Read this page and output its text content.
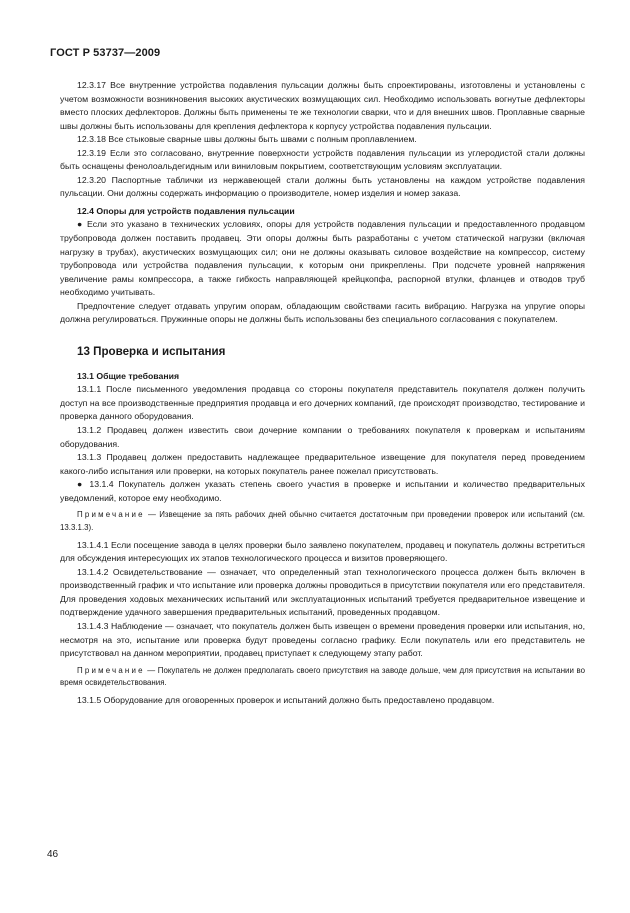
ГОСТ Р 53737—2009

12.3.17 Все внутренние устройства подавления пульсации должны быть спроектированы, изготовлены и установлены с учетом возможности возникновения высоких акустических возмущающих сил. Необходимо использовать вогнутые дефлекторы вместо плоских дефлекторов. Должны быть применены те же технологии сварки, что и для внешних швов. Проплавные сварные швы должны быть использованы для крепления дефлектора к корпусу устройства подавления пульсации.

12.3.18 Все стыковые сварные швы должны быть швами с полным проплавлением.

12.3.19 Если это согласовано, внутренние поверхности устройств подавления пульсации из углеродистой стали должны быть оснащены фенолоальдегидным или виниловым покрытием, соответствующим условиям эксплуатации.

12.3.20 Паспортные таблички из нержавеющей стали должны быть установлены на каждом устройстве подавления пульсации. Они должны содержать информацию о производителе, номер изделия и номер заказа.

12.4 Опоры для устройств подавления пульсации

● Если это указано в технических условиях, опоры для устройств подавления пульсации и предоставленного продавцом трубопровода должен поставить продавец. Эти опоры должны быть разработаны с учетом статической нагрузки (включая нагрузку в трубах), акустических возмущающих сил; они не должны оказывать силовое воздействие на компрессор, систему трубопровода или устройства подавления пульсации, к которым они прикреплены. При подсчете уровней напряжения увеличение рамы компрессора, а также гибкость направляющей крейцкопфа, распорной втулки, фланцев и отводов труб необходимо учитывать.

Предпочтение следует отдавать упругим опорам, обладающим свойствами гасить вибрацию. Нагрузка на упругие опоры должна регулироваться. Пружинные опоры не должны быть использованы без специального согласования с покупателем.

13 Проверка и испытания

13.1 Общие требования

13.1.1 После письменного уведомления продавца со стороны покупателя представитель покупателя должен получить доступ на все производственные предприятия продавца и его дочерних компаний, где происходят производство, тестирование и проверка данного оборудования.

13.1.2 Продавец должен известить свои дочерние компании о требованиях покупателя к проверкам и испытаниям оборудования.

13.1.3 Продавец должен предоставить надлежащее предварительное извещение для покупателя перед проведением какого-либо испытания или проверки, на которых покупатель ранее пожелал присутствовать.

● 13.1.4 Покупатель должен указать степень своего участия в проверке и испытании и количество предварительных уведомлений, которое ему необходимо.

Примечание — Извещение за пять рабочих дней обычно считается достаточным при проведении проверок или испытаний (см. 13.3.1.3).

13.1.4.1 Если посещение завода в целях проверки было заявлено покупателем, продавец и покупатель должны встретиться для обсуждения интересующих их этапов технологического процесса и визитов проверяющего.

13.1.4.2 Освидетельствование — означает, что определенный этап технологического процесса должен быть включен в производственный график и что испытание или проверка должны проводиться в присутствии покупателя или его представителя. Для проведения ходовых механических испытаний или эксплуатационных испытаний требуется предварительное извещение и подтверждение удачного завершения предварительных испытаний, проведенных продавцом.

13.1.4.3 Наблюдение — означает, что покупатель должен быть извещен о времени проведения проверки или испытания, но, несмотря на это, испытание или проверка будут проведены согласно графику. Если покупатель или его представитель не присутствовал на данном мероприятии, продавец приступает к следующему этапу работ.

Примечание — Покупатель не должен предполагать своего присутствия на заводе дольше, чем для присутствия на испытании во время освидетельствования.

13.1.5 Оборудование для оговоренных проверок и испытаний должно быть предоставлено продавцом.

46
